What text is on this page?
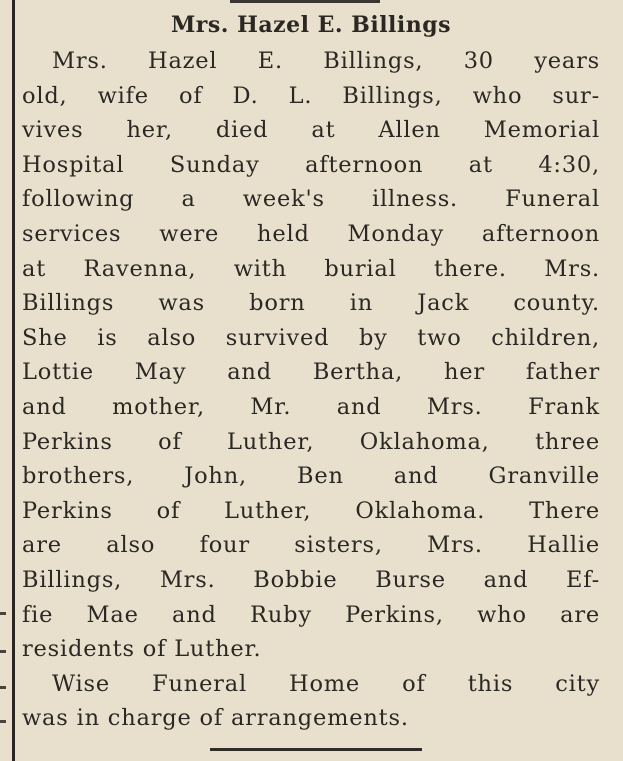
Mrs. Hazel E. Billings
Mrs. Hazel E. Billings, 30 years
old, wife of D. L. Billings, who sur-
vives her, died at Allen Memorial
Hospital Sunday afternoon at 4:30,
following a week's illness. Funeral
services were held Monday afternoon
at Ravenna, with burial there. Mrs.
Billings was born in Jack county.
She is also survived by two children,
Lottie May and Bertha, her father
and mother, Mr. and Mrs. Frank
Perkins of Luther, Oklahoma, three
brothers, John, Ben and Granville
Perkins of Luther, Oklahoma. There
are also four sisters, Mrs. Hallie
Billings, Mrs. Bobbie Burse and Ef-
fie Mae and Ruby Perkins, who are
residents of Luther.
Wise Funeral Home of this city
was in charge of arrangements.
